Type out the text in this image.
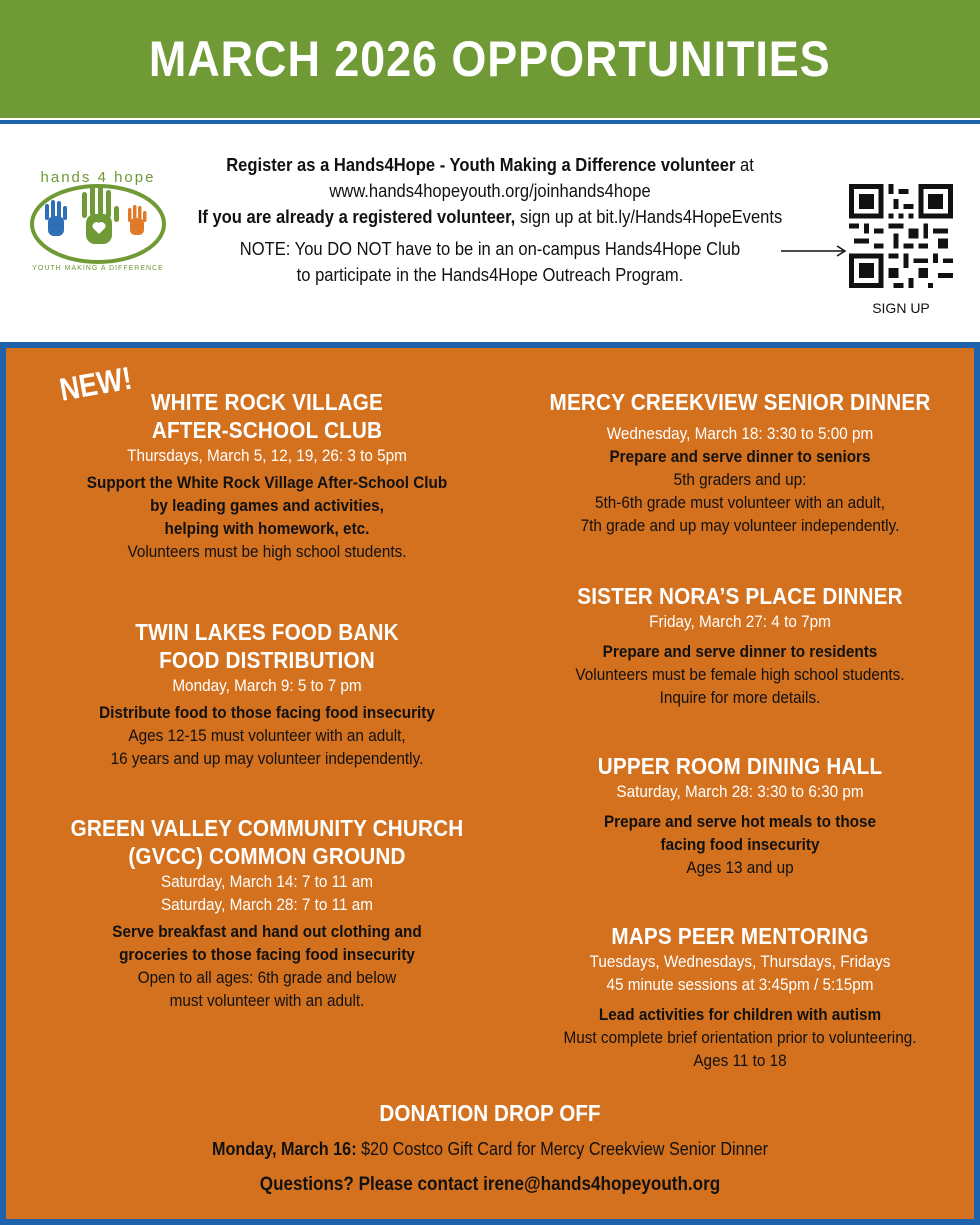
MARCH 2026 OPPORTUNITIES
hands 4 hope
YOUTH MAKING A DIFFERENCE
Register as a Hands4Hope - Youth Making a Difference volunteer at
www.hands4hopeyouth.org/joinhands4hope
If you are already a registered volunteer, sign up at bit.ly/Hands4HopeEvents
NOTE: You DO NOT have to be in an on-campus Hands4Hope Club
to participate in the Hands4Hope Outreach Program.
SIGN UP
NEW! WHITE ROCK VILLAGE
AFTER-SCHOOL CLUB
Thursdays, March 5, 12, 19, 26: 3 to 5pm
Support the White Rock Village After-School Club
by leading games and activities,
helping with homework, etc.
Volunteers must be high school students.
TWIN LAKES FOOD BANK
FOOD DISTRIBUTION
Monday, March 9: 5 to 7 pm
Distribute food to those facing food insecurity
Ages 12-15 must volunteer with an adult,
16 years and up may volunteer independently.
GREEN VALLEY COMMUNITY CHURCH
(GVCC) COMMON GROUND
Saturday, March 14: 7 to 11 am
Saturday, March 28: 7 to 11 am
Serve breakfast and hand out clothing and
groceries to those facing food insecurity
Open to all ages: 6th grade and below
must volunteer with an adult.
MERCY CREEKVIEW SENIOR DINNER
Wednesday, March 18: 3:30 to 5:00 pm
Prepare and serve dinner to seniors
5th graders and up:
5th-6th grade must volunteer with an adult,
7th grade and up may volunteer independently.
SISTER NORA’S PLACE DINNER
Friday, March 27: 4 to 7pm
Prepare and serve dinner to residents
Volunteers must be female high school students.
Inquire for more details.
UPPER ROOM DINING HALL
Saturday, March 28: 3:30 to 6:30 pm
Prepare and serve hot meals to those
facing food insecurity
Ages 13 and up
MAPS PEER MENTORING
Tuesdays, Wednesdays, Thursdays, Fridays
45 minute sessions at 3:45pm / 5:15pm
Lead activities for children with autism
Must complete brief orientation prior to volunteering.
Ages 11 to 18
DONATION DROP OFF
Monday, March 16: $20 Costco Gift Card for Mercy Creekview Senior Dinner
Questions? Please contact irene@hands4hopeyouth.org
